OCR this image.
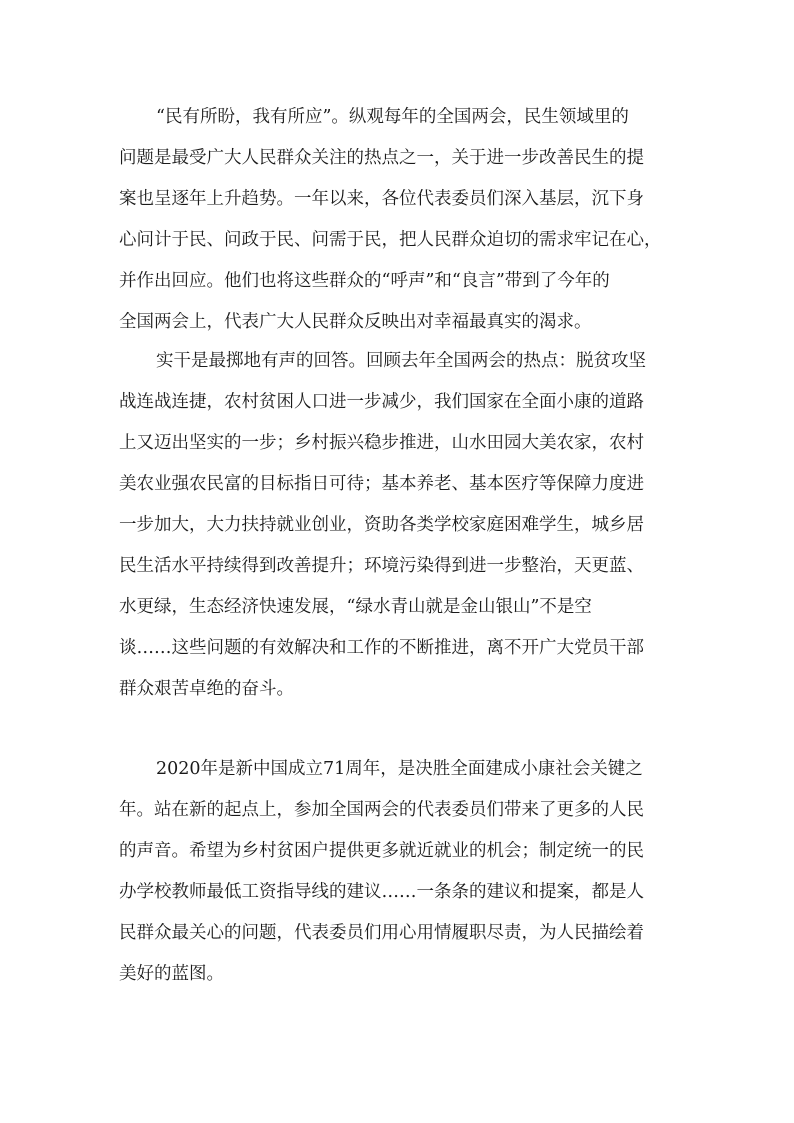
“民有所盼，我有所应”。纵观每年的全国两会，民生领域里的
问题是最受广大人民群众关注的热点之一，关于进一步改善民生的提
案也呈逐年上升趋势。一年以来，各位代表委员们深入基层，沉下身
心问计于民、问政于民、问需于民，把人民群众迫切的需求牢记在心，
并作出回应。他们也将这些群众的“呼声”和“良言”带到了今年的
全国两会上，代表广大人民群众反映出对幸福最真实的渴求。
实干是最掷地有声的回答。回顾去年全国两会的热点：脱贫攻坚
战连战连捷，农村贫困人口进一步减少，我们国家在全面小康的道路
上又迈出坚实的一步；乡村振兴稳步推进，山水田园大美农家，农村
美农业强农民富的目标指日可待；基本养老、基本医疗等保障力度进
一步加大，大力扶持就业创业，资助各类学校家庭困难学生，城乡居
民生活水平持续得到改善提升；环境污染得到进一步整治，天更蓝、
水更绿，生态经济快速发展，“绿水青山就是金山银山”不是空
谈……这些问题的有效解决和工作的不断推进，离不开广大党员干部
群众艰苦卓绝的奋斗。
2020年是新中国成立71周年，是决胜全面建成小康社会关键之
年。站在新的起点上，参加全国两会的代表委员们带来了更多的人民
的声音。希望为乡村贫困户提供更多就近就业的机会；制定统一的民
办学校教师最低工资指导线的建议……一条条的建议和提案，都是人
民群众最关心的问题，代表委员们用心用情履职尽责，为人民描绘着
美好的蓝图。
